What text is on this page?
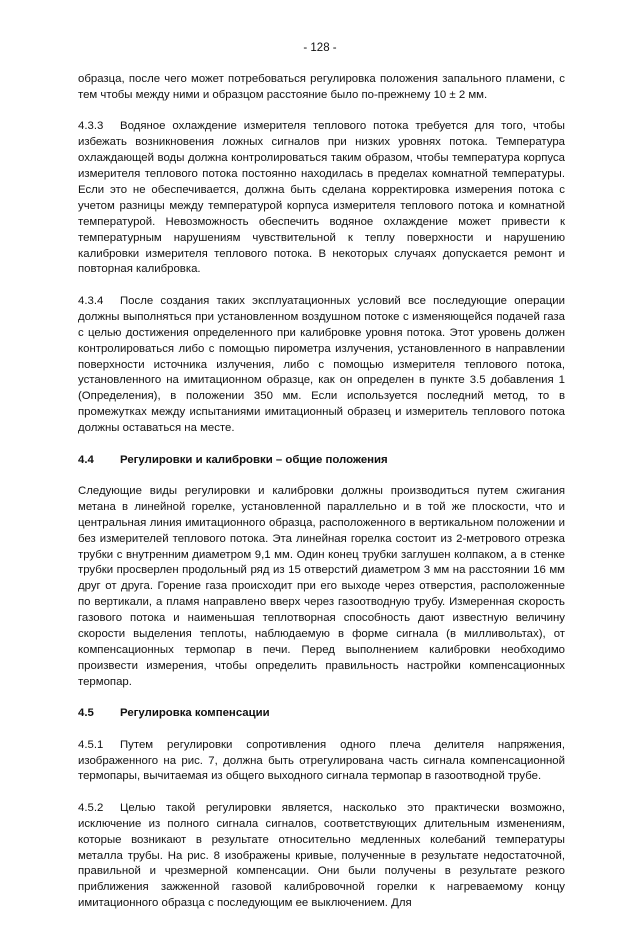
- 128 -

образца, после чего может потребоваться регулировка положения запального пламени, с тем чтобы между ними и образцом расстояние было по-прежнему 10 ± 2 мм.

4.3.3 Водяное охлаждение измерителя теплового потока требуется для того, чтобы избежать возникновения ложных сигналов при низких уровнях потока. Температура охлаждающей воды должна контролироваться таким образом, чтобы температура корпуса измерителя теплового потока постоянно находилась в пределах комнатной температуры. Если это не обеспечивается, должна быть сделана корректировка измерения потока с учетом разницы между температурой корпуса измерителя теплового потока и комнатной температурой. Невозможность обеспечить водяное охлаждение может привести к температурным нарушениям чувствительной к теплу поверхности и нарушению калибровки измерителя теплового потока. В некоторых случаях допускается ремонт и повторная калибровка.

4.3.4 После создания таких эксплуатационных условий все последующие операции должны выполняться при установленном воздушном потоке с изменяющейся подачей газа с целью достижения определенного при калибровке уровня потока. Этот уровень должен контролироваться либо с помощью пирометра излучения, установленного в направлении поверхности источника излучения, либо с помощью измерителя теплового потока, установленного на имитационном образце, как он определен в пункте 3.5 добавления 1 (Определения), в положении 350 мм. Если используется последний метод, то в промежутках между испытаниями имитационный образец и измеритель теплового потока должны оставаться на месте.

4.4 Регулировки и калибровки – общие положения

Следующие виды регулировки и калибровки должны производиться путем сжигания метана в линейной горелке, установленной параллельно и в той же плоскости, что и центральная линия имитационного образца, расположенного в вертикальном положении и без измерителей теплового потока. Эта линейная горелка состоит из 2-метрового отрезка трубки с внутренним диаметром 9,1 мм. Один конец трубки заглушен колпаком, а в стенке трубки просверлен продольный ряд из 15 отверстий диаметром 3 мм на расстоянии 16 мм друг от друга. Горение газа происходит при его выходе через отверстия, расположенные по вертикали, а пламя направлено вверх через газоотводную трубу. Измеренная скорость газового потока и наименьшая теплотворная способность дают известную величину скорости выделения теплоты, наблюдаемую в форме сигнала (в милливольтах), от компенсационных термопар в печи. Перед выполнением калибровки необходимо произвести измерения, чтобы определить правильность настройки компенсационных термопар.

4.5 Регулировка компенсации

4.5.1 Путем регулировки сопротивления одного плеча делителя напряжения, изображенного на рис. 7, должна быть отрегулирована часть сигнала компенсационной термопары, вычитаемая из общего выходного сигнала термопар в газоотводной трубе.

4.5.2 Целью такой регулировки является, насколько это практически возможно, исключение из полного сигнала сигналов, соответствующих длительным изменениям, которые возникают в результате относительно медленных колебаний температуры металла трубы. На рис. 8 изображены кривые, полученные в результате недостаточной, правильной и чрезмерной компенсации. Они были получены в результате резкого приближения зажженной газовой калибровочной горелки к нагреваемому концу имитационного образца с последующим ее выключением. Для
